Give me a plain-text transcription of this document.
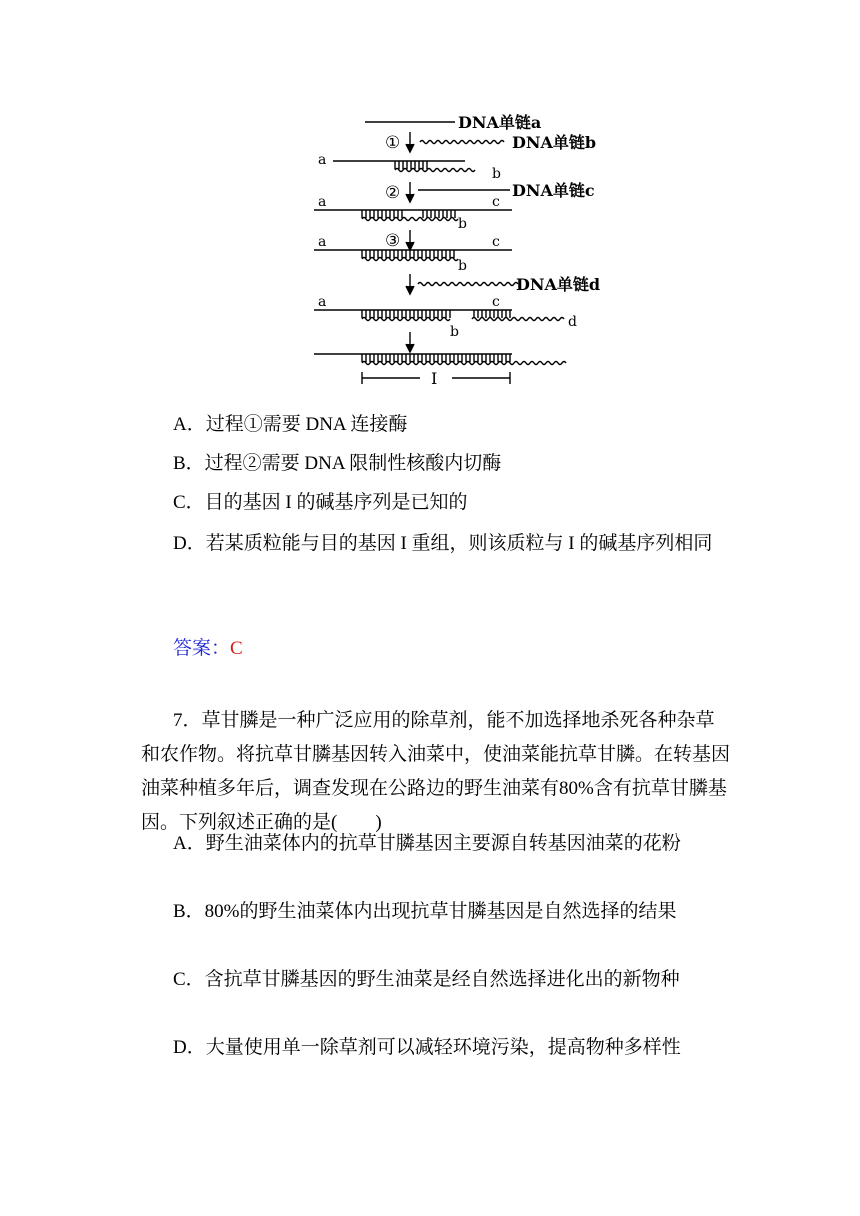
DNA单链a
①	DNA单链b
a
b
②	DNA单链c
a	c
b
a	③	c
b
DNA单链d
a	c
d
b
I
A．过程①需要 DNA 连接酶
B．过程②需要 DNA 限制性核酸内切酶
C．目的基因 I 的碱基序列是已知的
D．若某质粒能与目的基因 I 重组，则该质粒与 I 的碱基序列相同
答案：C
7．草甘膦是一种广泛应用的除草剂，能不加选择地杀死各种杂草和农作物。将抗草甘膦基因转入油菜中，使油菜能抗草甘膦。在转基因油菜种植多年后，调查发现在公路边的野生油菜有80%含有抗草甘膦基因。下列叙述正确的是(　　)
A．野生油菜体内的抗草甘膦基因主要源自转基因油菜的花粉
B．80%的野生油菜体内出现抗草甘膦基因是自然选择的结果
C．含抗草甘膦基因的野生油菜是经自然选择进化出的新物种
D．大量使用单一除草剂可以减轻环境污染，提高物种多样性
